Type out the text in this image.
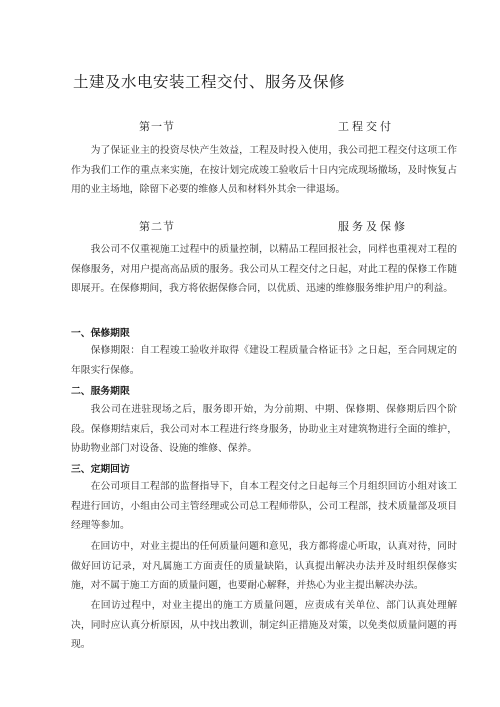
土建及水电安装工程交付、服务及保修
第一节	工程交付

为了保证业主的投资尽快产生效益，工程及时投入使用，我公司把工程交付这项工作作为我们工作的重点来实施，在按计划完成竣工验收后十日内完成现场撤场，及时恢复占用的业主场地，除留下必要的维修人员和材料外其余一律退场。

第二节	服务及保修

我公司不仅重视施工过程中的质量控制，以精品工程回报社会，同样也重视对工程的保修服务，对用户提高高品质的服务。我公司从工程交付之日起，对此工程的保修工作随即展开。在保修期间，我方将依据保修合同，以优质、迅速的维修服务维护用户的利益。

一、保修期限

保修期限：自工程竣工验收并取得《建设工程质量合格证书》之日起，至合同规定的年限实行保修。

二、服务期限

我公司在进驻现场之后，服务即开始，为分前期、中期、保修期、保修期后四个阶段。保修期结束后，我公司对本工程进行终身服务，协助业主对建筑物进行全面的维护，协助物业部门对设备、设施的维修、保养。

三、定期回访

在公司项目工程部的监督指导下，自本工程交付之日起每三个月组织回访小组对该工程进行回访，小组由公司主管经理或公司总工程师带队，公司工程部，技术质量部及项目经理等参加。

在回访中，对业主提出的任何质量问题和意见，我方都将虚心听取，认真对待，同时做好回访记录，对凡属施工方面责任的质量缺陷，认真提出解决办法并及时组织保修实施，对不属于施工方面的质量问题，也要耐心解释，并热心为业主提出解决办法。

在回访过程中，对业主提出的施工方质量问题，应责成有关单位、部门认真处理解决，同时应认真分析原因，从中找出教训，制定纠正措施及对策，以免类似质量问题的再现。
